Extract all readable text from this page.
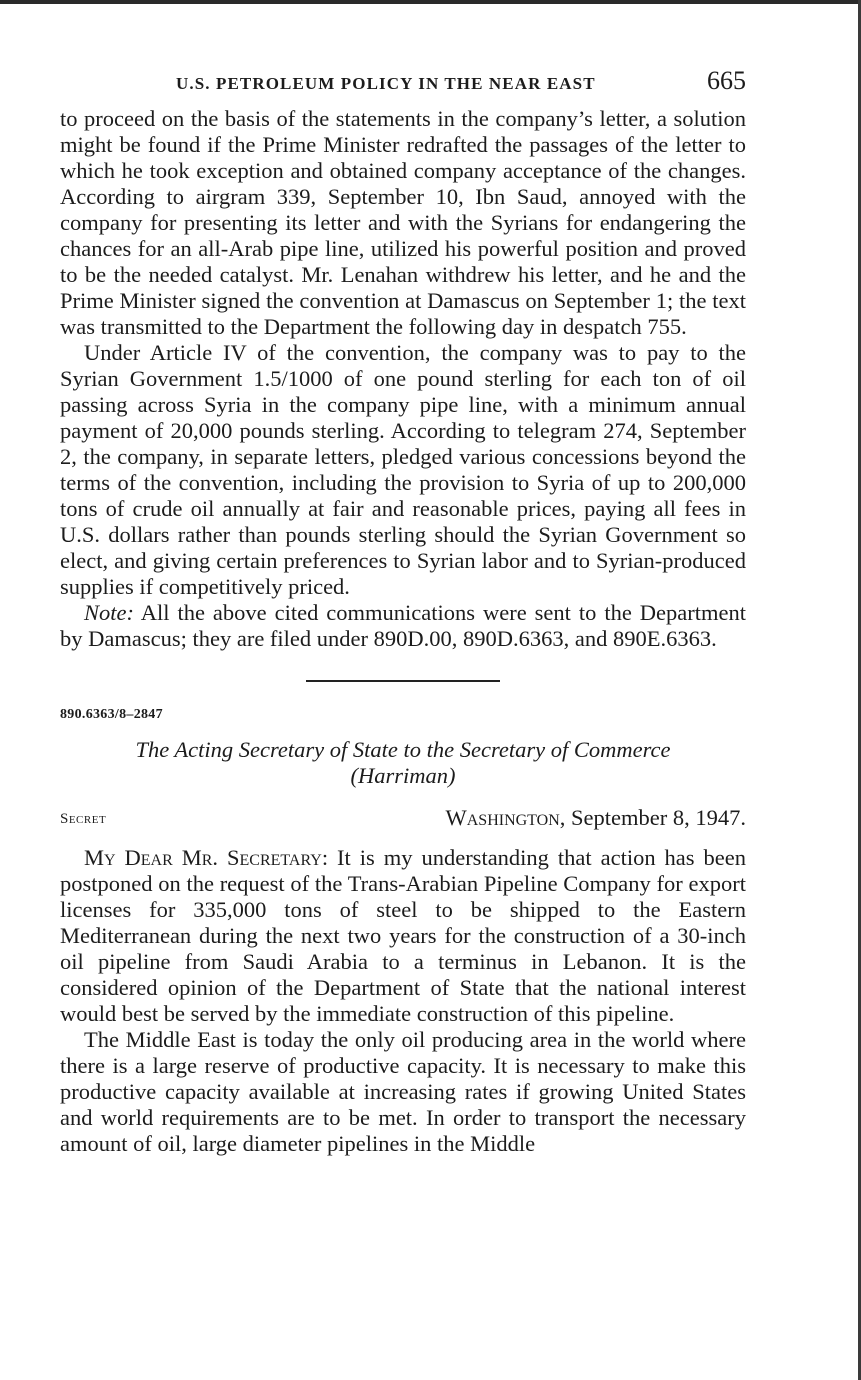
U.S. PETROLEUM POLICY IN THE NEAR EAST	665

to proceed on the basis of the statements in the company’s letter, a solution might be found if the Prime Minister redrafted the passages of the letter to which he took exception and obtained company acceptance of the changes. According to airgram 339, September 10, Ibn Saud, annoyed with the company for presenting its letter and with the Syrians for endangering the chances for an all-Arab pipe line, utilized his powerful position and proved to be the needed catalyst. Mr. Lenahan withdrew his letter, and he and the Prime Minister signed the convention at Damascus on September 1; the text was transmitted to the Department the following day in despatch 755.

Under Article IV of the convention, the company was to pay to the Syrian Government 1.5/1000 of one pound sterling for each ton of oil passing across Syria in the company pipe line, with a minimum annual payment of 20,000 pounds sterling. According to telegram 274, September 2, the company, in separate letters, pledged various concessions beyond the terms of the convention, including the provision to Syria of up to 200,000 tons of crude oil annually at fair and reasonable prices, paying all fees in U.S. dollars rather than pounds sterling should the Syrian Government so elect, and giving certain preferences to Syrian labor and to Syrian-produced supplies if competitively priced.

Note: All the above cited communications were sent to the Department by Damascus; they are filed under 890D.00, 890D.6363, and 890E.6363.

890.6363/8–2847
The Acting Secretary of State to the Secretary of Commerce
(Harriman)
Secret	Washington, September 8, 1947.

My Dear Mr. Secretary: It is my understanding that action has been postponed on the request of the Trans-Arabian Pipeline Company for export licenses for 335,000 tons of steel to be shipped to the Eastern Mediterranean during the next two years for the construction of a 30-inch oil pipeline from Saudi Arabia to a terminus in Lebanon. It is the considered opinion of the Department of State that the national interest would best be served by the immediate construction of this pipeline.

The Middle East is today the only oil producing area in the world where there is a large reserve of productive capacity. It is necessary to make this productive capacity available at increasing rates if growing United States and world requirements are to be met. In order to transport the necessary amount of oil, large diameter pipelines in the Middle
